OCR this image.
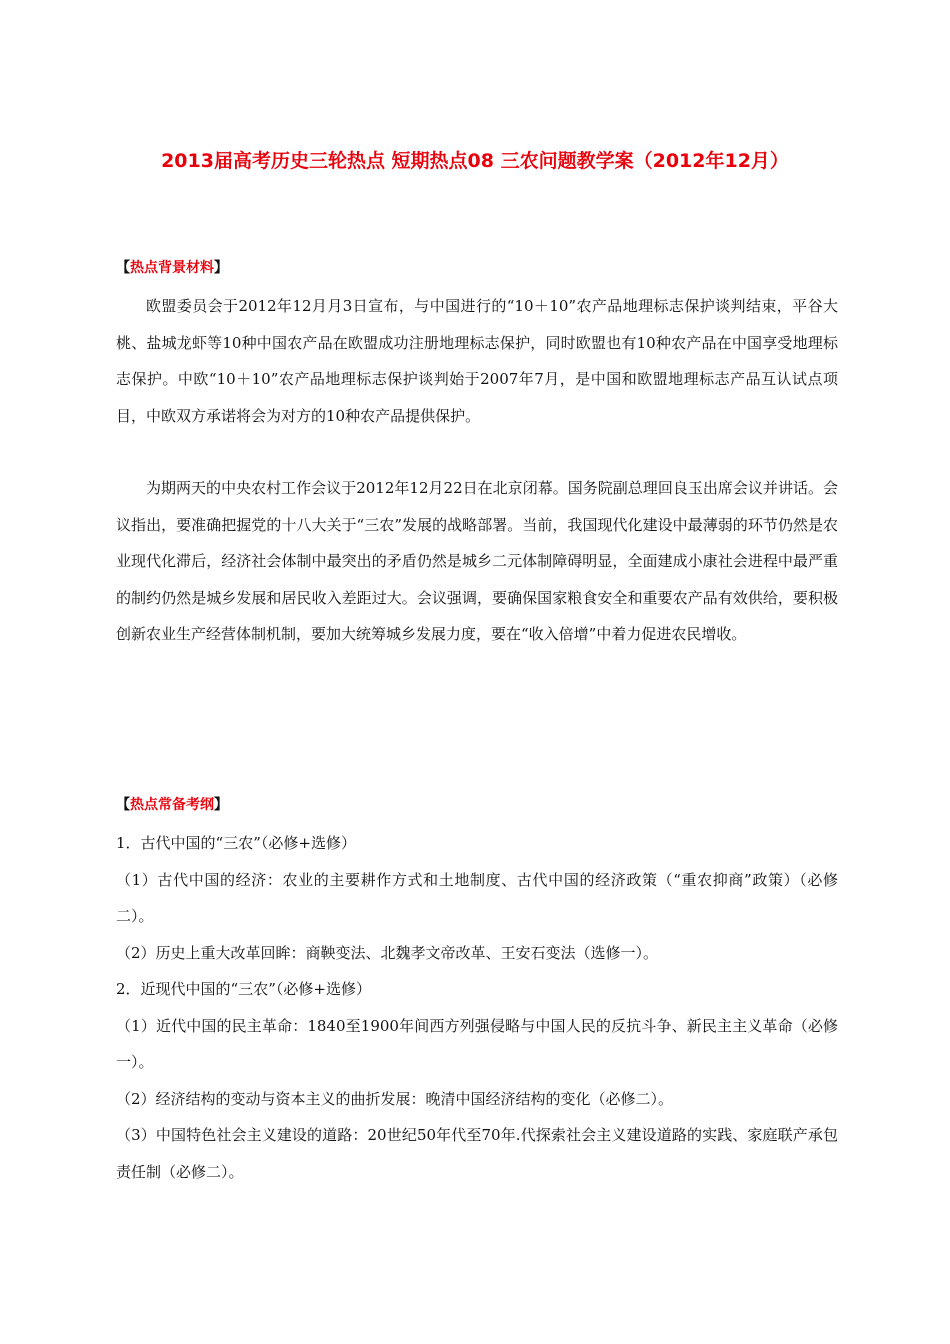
2013届高考历史三轮热点 短期热点08 三农问题教学案（2012年12月）
【热点背景材料】

欧盟委员会于2012年12月月3日宣布，与中国进行的“10＋10”农产品地理标志保护谈判结束，平谷大桃、盐城龙虾等10种中国农产品在欧盟成功注册地理标志保护，同时欧盟也有10种农产品在中国享受地理标志保护。中欧“10＋10”农产品地理标志保护谈判始于2007年7月，是中国和欧盟地理标志产品互认试点项目，中欧双方承诺将会为对方的10种农产品提供保护。

为期两天的中央农村工作会议于2012年12月22日在北京闭幕。国务院副总理回良玉出席会议并讲话。会议指出，要准确把握党的十八大关于“三农”发展的战略部署。当前，我国现代化建设中最薄弱的环节仍然是农业现代化滞后，经济社会体制中最突出的矛盾仍然是城乡二元体制障碍明显，全面建成小康社会进程中最严重的制约仍然是城乡发展和居民收入差距过大。会议强调，要确保国家粮食安全和重要农产品有效供给，要积极创新农业生产经营体制机制，要加大统筹城乡发展力度，要在“收入倍增”中着力促进农民增收。

【热点常备考纲】

1．古代中国的“三农”（必修+选修）

（1）古代中国的经济：农业的主要耕作方式和土地制度、古代中国的经济政策（“重农抑商”政策）（必修二）。

（2）历史上重大改革回眸：商鞅变法、北魏孝文帝改革、王安石变法（选修一）。

2．近现代中国的“三农”（必修+选修）

（1）近代中国的民主革命：1840至1900年间西方列强侵略与中国人民的反抗斗争、新民主主义革命（必修一）。

（2）经济结构的变动与资本主义的曲折发展：晚清中国经济结构的变化（必修二）。

（3）中国特色社会主义建设的道路：20世纪50年代至70年.代探索社会主义建设道路的实践、家庭联产承包责任制（必修二）。
